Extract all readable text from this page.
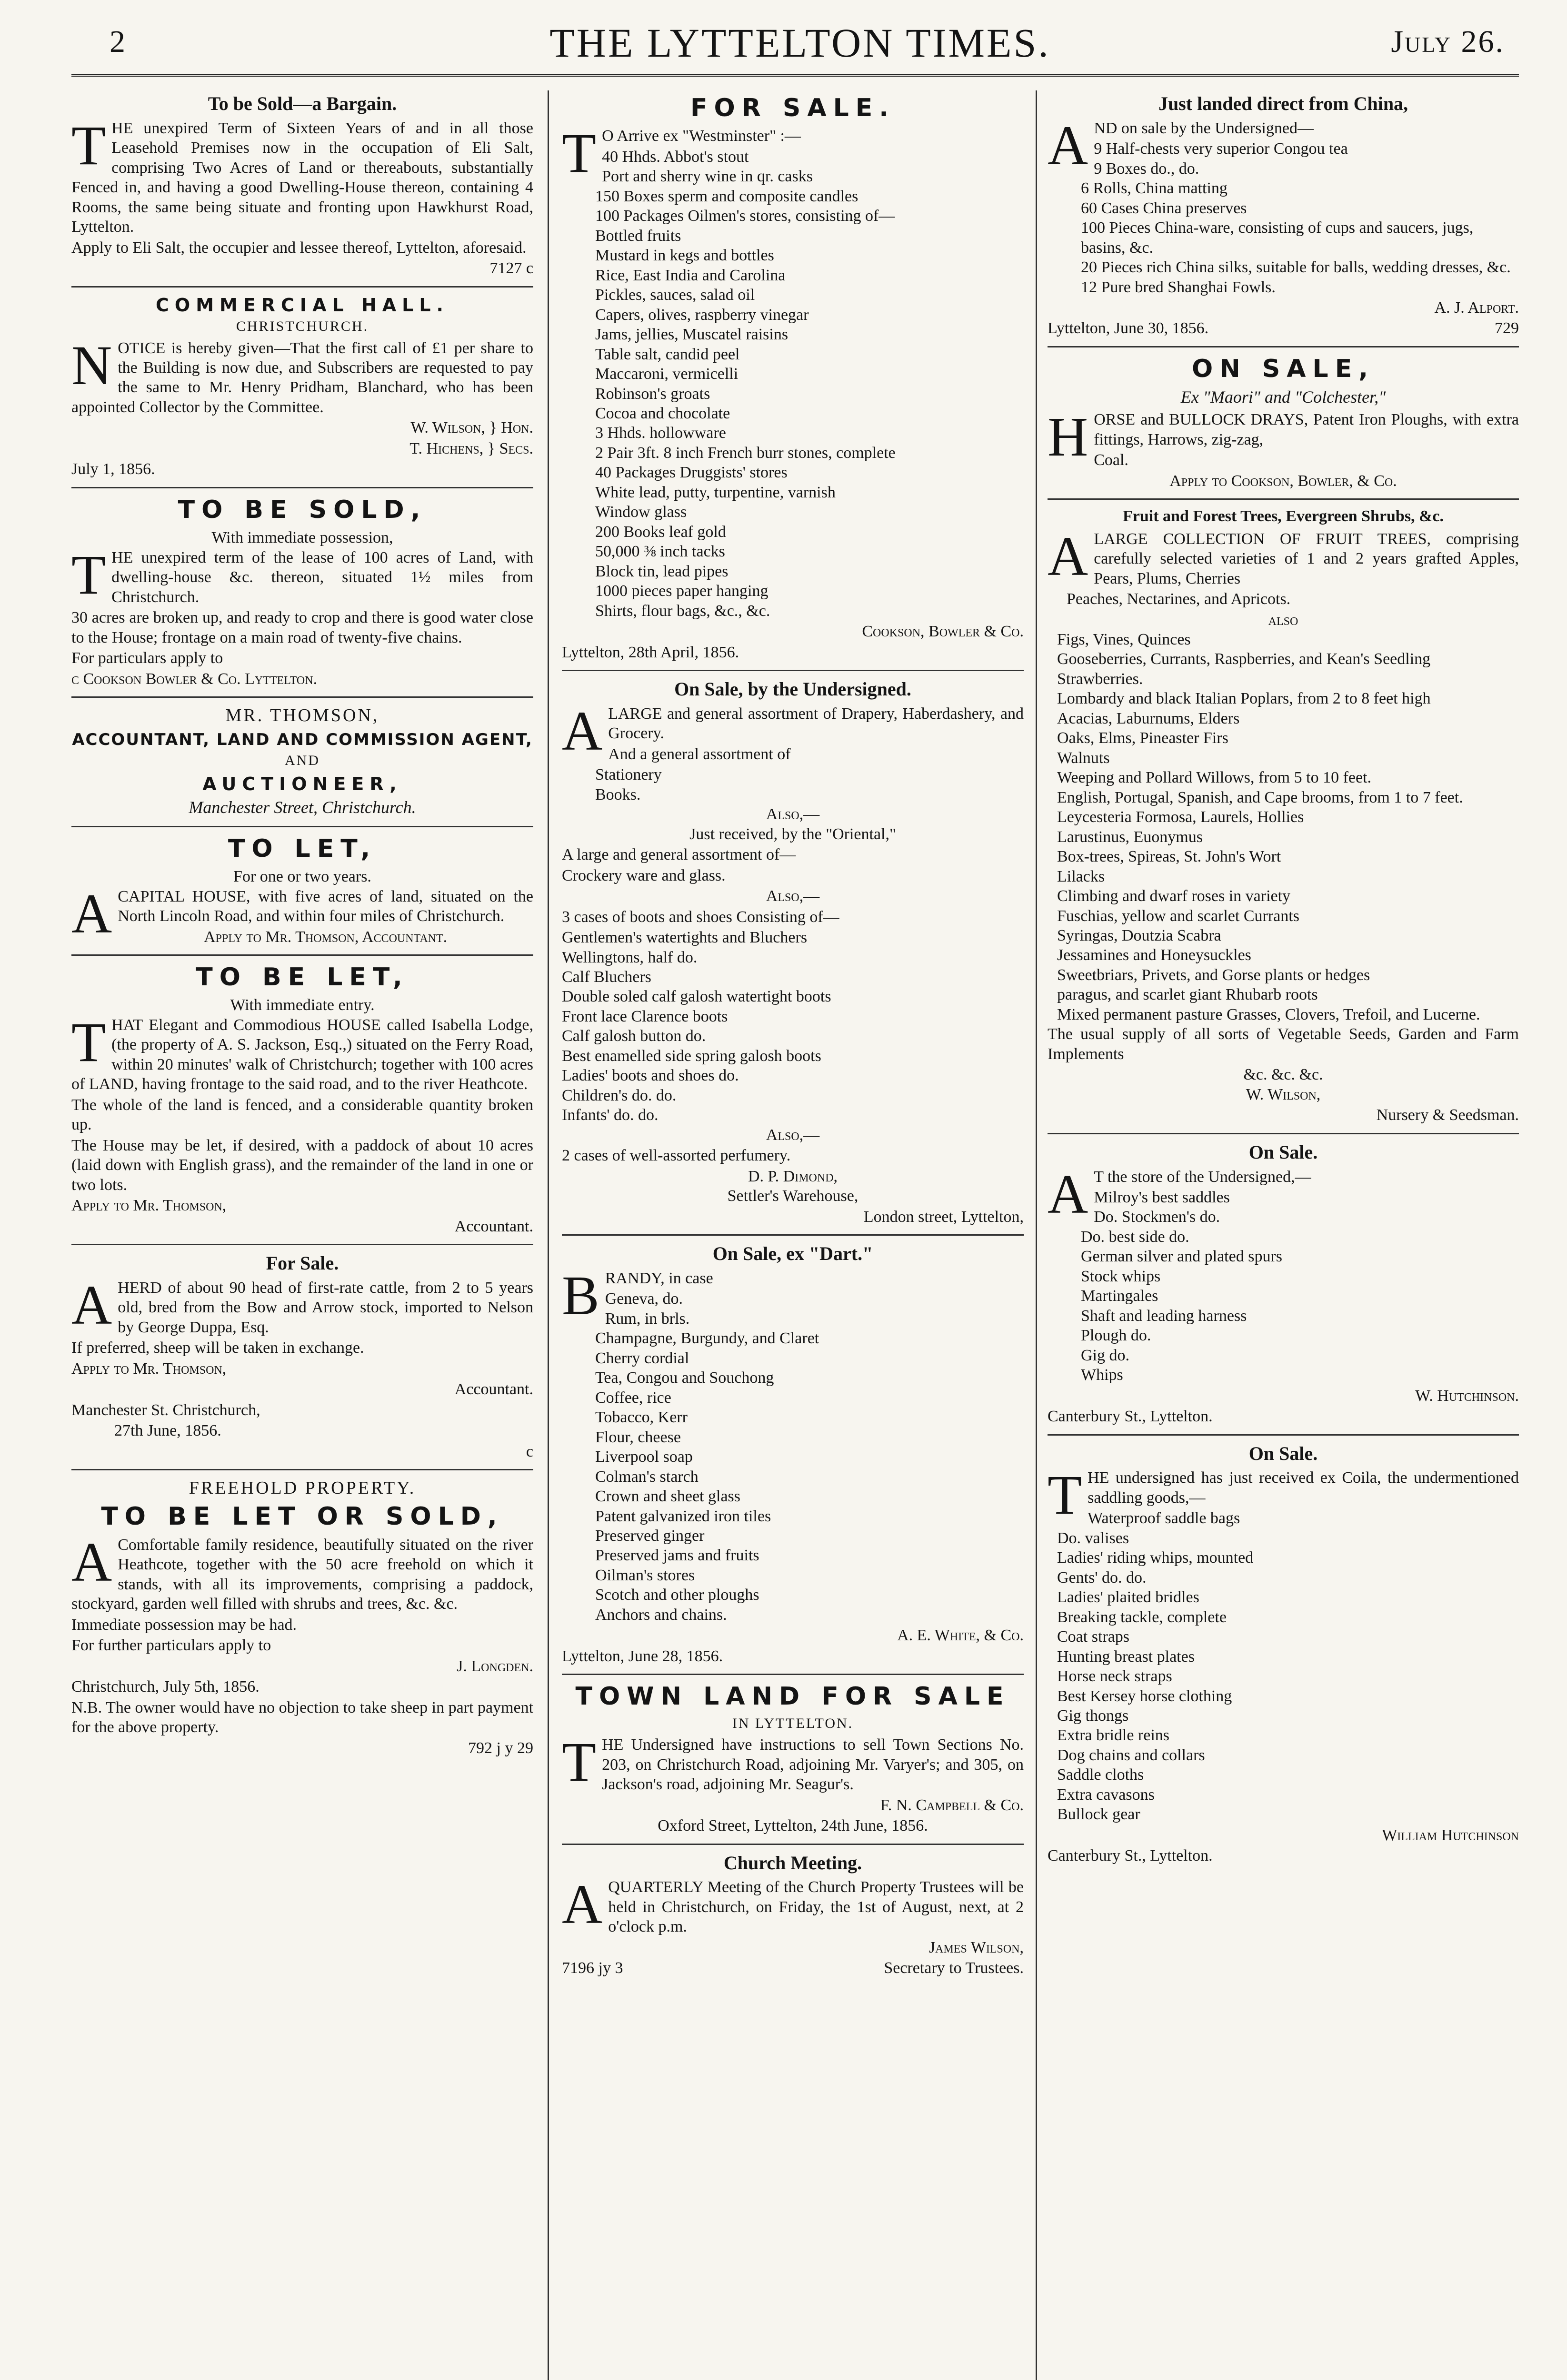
2	THE LYTTELTON TIMES.	July 26.
To be Sold—a Bargain.

THE unexpired Term of Sixteen Years of and in all those Leasehold Premises now in the occupation of Eli Salt, comprising Two Acres of Land or thereabouts, substantially Fenced in, and having a good Dwelling-House thereon, containing 4 Rooms, the same being situate and fronting upon Hawkhurst Road, Lyttelton.

Apply to Eli Salt, the occupier and lessee thereof, Lyttelton, aforesaid.

7127 c
COMMERCIAL HALL.
CHRISTCHURCH.

NOTICE is hereby given—That the first call of £1 per share to the Building is now due, and Subscribers are requested to pay the same to Mr. Henry Pridham, Blanchard, who has been appointed Collector by the Committee.

W. Wilson, } Hon.
T. Hichens, } Secs.
July 1, 1856.
TO BE SOLD,
With immediate possession,

THE unexpired term of the lease of 100 acres of Land, with dwelling-house &c. thereon, situated 1½ miles from Christchurch.

30 acres are broken up, and ready to crop and there is good water close to the House; frontage on a main road of twenty-five chains.

For particulars apply to

c Cookson Bowler & Co. Lyttelton.
MR. THOMSON,
ACCOUNTANT, LAND AND COMMISSION AGENT,
AND
AUCTIONEER,
Manchester Street, Christchurch.
TO LET,
For one or two years.

ACAPITAL HOUSE, with five acres of land, situated on the North Lincoln Road, and within four miles of Christchurch.

Apply to Mr. Thomson, Accountant.
TO BE LET,
With immediate entry.

THAT Elegant and Commodious HOUSE called Isabella Lodge, (the property of A. S. Jackson, Esq.,) situated on the Ferry Road, within 20 minutes' walk of Christchurch; together with 100 acres of LAND, having frontage to the said road, and to the river Heathcote.

The whole of the land is fenced, and a considerable quantity broken up.

The House may be let, if desired, with a paddock of about 10 acres (laid down with English grass), and the remainder of the land in one or two lots.

Apply to Mr. Thomson,
Accountant.
For Sale.

AHERD of about 90 head of first-rate cattle, from 2 to 5 years old, bred from the Bow and Arrow stock, imported to Nelson by George Duppa, Esq.

If preferred, sheep will be taken in exchange.

Apply to Mr. Thomson,
Accountant.
Manchester St. Christchurch,
27th June, 1856.
c
FREEHOLD PROPERTY.
TO BE LET OR SOLD,

A Comfortable family residence, beautifully situated on the river Heathcote, together with the 50 acre freehold on which it stands, with all its improvements, comprising a paddock, stockyard, garden well filled with shrubs and trees, &c. &c.

Immediate possession may be had.

For further particulars apply to

J. Longden.
Christchurch, July 5th, 1856.

N.B. The owner would have no objection to take sheep in part payment for the above property.

792 j y 29
FOR SALE.

T O Arrive ex "Westminster" :—

40 Hhds. Abbot's stout
Port and sherry wine in qr. casks
150 Boxes sperm and composite candles
100 Packages Oilmen's stores, consisting of—
Bottled fruits
Mustard in kegs and bottles
Rice, East India and Carolina
Pickles, sauces, salad oil
Capers, olives, raspberry vinegar
Jams, jellies, Muscatel raisins
Table salt, candid peel
Maccaroni, vermicelli
Robinson's groats
Cocoa and chocolate
3 Hhds. hollowware
2 Pair 3ft. 8 inch French burr stones, complete
40 Packages Druggists' stores
White lead, putty, turpentine, varnish
Window glass
200 Books leaf gold
50,000 ⅜ inch tacks
Block tin, lead pipes
1000 pieces paper hanging
Shirts, flour bags, &c., &c.
Cookson, Bowler & Co.
Lyttelton, 28th April, 1856.
On Sale, by the Undersigned.

ALARGE and general assortment of Drapery, Haberdashery, and Grocery.

And a general assortment of
Stationery
Books.
Also,—
Just received, by the "Oriental,"
A large and general assortment of—
Crockery ware and glass.
Also,—
3 cases of boots and shoes Consisting of—
Gentlemen's watertights and Bluchers
Wellingtons, half do.
Calf Bluchers
Double soled calf galosh watertight boots
Front lace Clarence boots
Calf galosh button do.
Best enamelled side spring galosh boots
Ladies' boots and shoes do.
Children's do. do.
Infants' do. do.
Also,—
2 cases of well-assorted perfumery.
D. P. Dimond,
Settler's Warehouse,
London street, Lyttelton,
On Sale, ex "Dart."

BRANDY, in case

Geneva, do.
Rum, in brls.
Champagne, Burgundy, and Claret
Cherry cordial
Tea, Congou and Souchong
Coffee, rice
Tobacco, Kerr
Flour, cheese
Liverpool soap
Colman's starch
Crown and sheet glass
Patent galvanized iron tiles
Preserved ginger
Preserved jams and fruits
Oilman's stores
Scotch and other ploughs
Anchors and chains.
A. E. White, & Co.
Lyttelton, June 28, 1856.
TOWN LAND FOR SALE
IN LYTTELTON.

THE Undersigned have instructions to sell Town Sections No. 203, on Christchurch Road, adjoining Mr. Varyer's; and 305, on Jackson's road, adjoining Mr. Seagur's.

F. N. Campbell & Co.
Oxford Street, Lyttelton, 24th June, 1856.
Church Meeting.

AQUARTERLY Meeting of the Church Property Trustees will be held in Christchurch, on Friday, the 1st of August, next, at 2 o'clock p.m.

James Wilson,
7196 jy 3	Secretary to Trustees.
Just landed direct from China,

AND on sale by the Undersigned—

9 Half-chests very superior Congou tea
9 Boxes do., do.
6 Rolls, China matting
60 Cases China preserves
100 Pieces China-ware, consisting of cups and saucers, jugs, basins, &c.
20 Pieces rich China silks, suitable for balls, wedding dresses, &c.
12 Pure bred Shanghai Fowls.
A. J. Alport.
Lyttelton, June 30, 1856.	729
ON SALE,
Ex "Maori" and "Colchester,"

HORSE and BULLOCK DRAYS, Patent Iron Ploughs, with extra fittings, Harrows, zig-zag,

Coal.
Apply to Cookson, Bowler, & Co.
Fruit and Forest Trees, Evergreen Shrubs, &c.

ALARGE COLLECTION OF FRUIT TREES, comprising carefully selected varieties of 1 and 2 years grafted Apples, Pears, Plums, Cherries

Peaches, Nectarines, and Apricots.
also
Figs, Vines, Quinces
Gooseberries, Currants, Raspberries, and Kean's Seedling Strawberries.
Lombardy and black Italian Poplars, from 2 to 8 feet high
Acacias, Laburnums, Elders
Oaks, Elms, Pineaster Firs
Walnuts
Weeping and Pollard Willows, from 5 to 10 feet.
English, Portugal, Spanish, and Cape brooms, from 1 to 7 feet.
Leycesteria Formosa, Laurels, Hollies
Larustinus, Euonymus
Box-trees, Spireas, St. John's Wort
Lilacks
Climbing and dwarf roses in variety
Fuschias, yellow and scarlet Currants
Syringas, Doutzia Scabra
Jessamines and Honeysuckles
Sweetbriars, Privets, and Gorse plants or hedges
paragus, and scarlet giant Rhubarb roots
Mixed permanent pasture Grasses, Clovers, Trefoil, and Lucerne.

The usual supply of all sorts of Vegetable Seeds, Garden and Farm Implements

&c. &c. &c.
W. Wilson,
Nursery & Seedsman.
On Sale.

A T the store of the Undersigned,—

Milroy's best saddles
Do. Stockmen's do.
Do. best side do.
German silver and plated spurs
Stock whips
Martingales
Shaft and leading harness
Plough do.
Gig do.
Whips
W. Hutchinson.
Canterbury St., Lyttelton.
On Sale.

THE undersigned has just received ex Coila, the undermentioned saddling goods,—

Waterproof saddle bags
Do. valises
Ladies' riding whips, mounted
Gents' do. do.
Ladies' plaited bridles
Breaking tackle, complete
Coat straps
Hunting breast plates
Horse neck straps
Best Kersey horse clothing
Gig thongs
Extra bridle reins
Dog chains and collars
Saddle cloths
Extra cavasons
Bullock gear
William Hutchinson
Canterbury St., Lyttelton.
